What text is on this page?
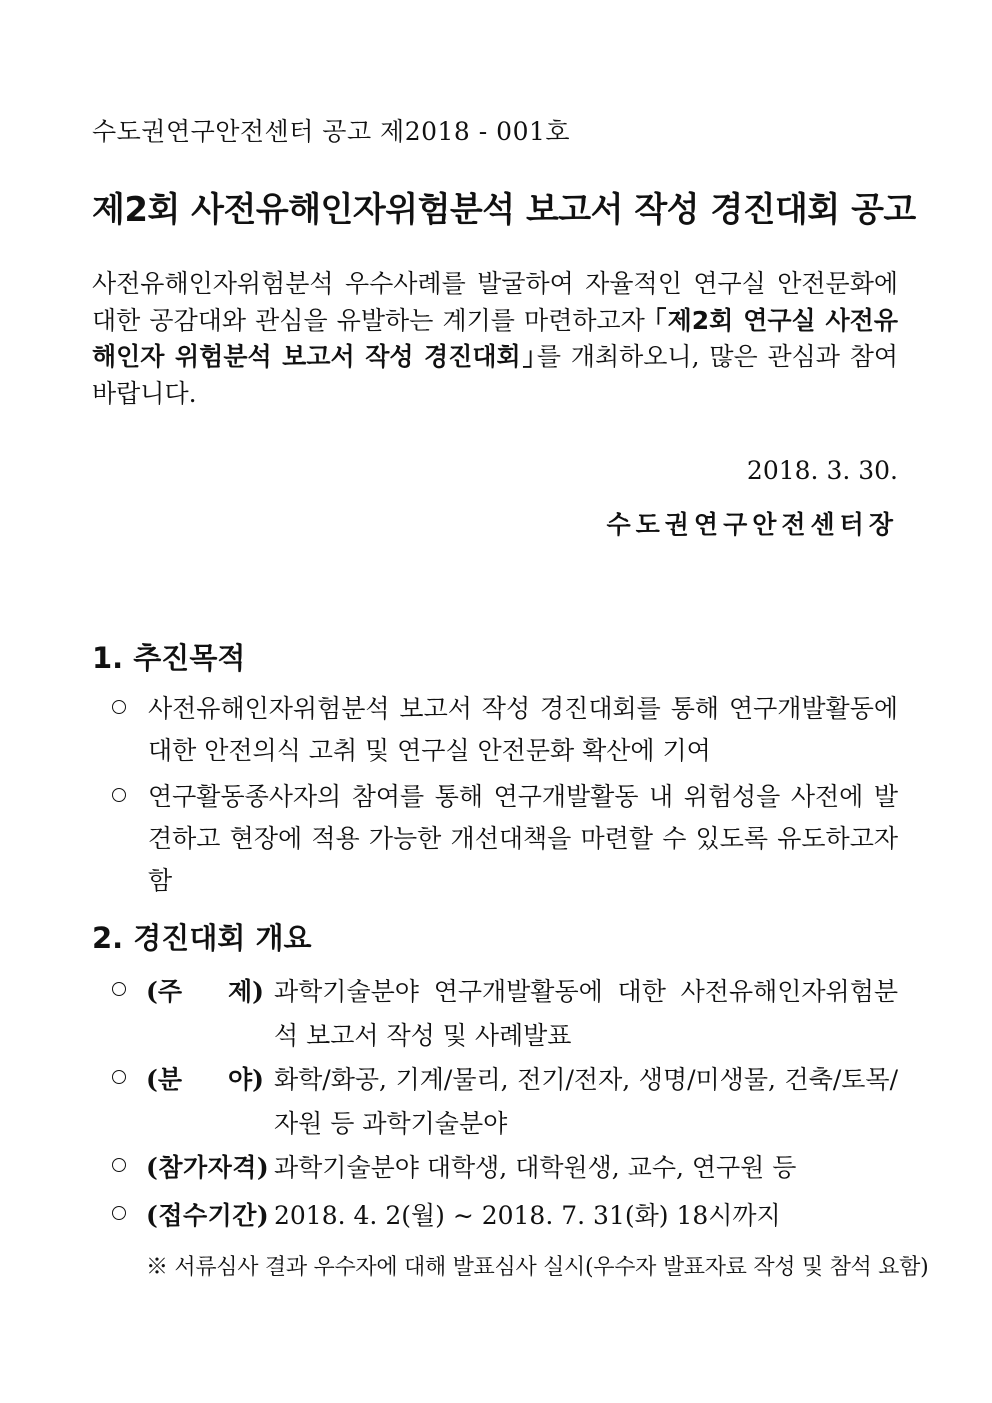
수도권연구안전센터 공고 제2018 - 001호
제2회 사전유해인자위험분석 보고서 작성 경진대회 공고
사전유해인자위험분석 우수사례를 발굴하여 자율적인 연구실 안전문화에 대한 공감대와 관심을 유발하는 계기를 마련하고자 ｢제2회 연구실 사전유해인자 위험분석 보고서 작성 경진대회｣를 개최하오니, 많은 관심과 참여 바랍니다.
2018. 3. 30.
수도권연구안전센터장
1. 추진목적
사전유해인자위험분석 보고서 작성 경진대회를 통해 연구개발활동에 대한 안전의식 고취 및 연구실 안전문화 확산에 기여
연구활동종사자의 참여를 통해 연구개발활동 내 위험성을 사전에 발견하고 현장에 적용 가능한 개선대책을 마련할 수 있도록 유도하고자 함
2. 경진대회 개요
(주 제) 과학기술분야 연구개발활동에 대한 사전유해인자위험분석 보고서 작성 및 사례발표
(분 야) 화학/화공, 기계/물리, 전기/전자, 생명/미생물, 건축/토목/자원 등 과학기술분야
(참가자격) 과학기술분야 대학생, 대학원생, 교수, 연구원 등
(접수기간) 2018. 4. 2(월) ∼ 2018. 7. 31(화) 18시까지
※ 서류심사 결과 우수자에 대해 발표심사 실시(우수자 발표자료 작성 및 참석 요함)
